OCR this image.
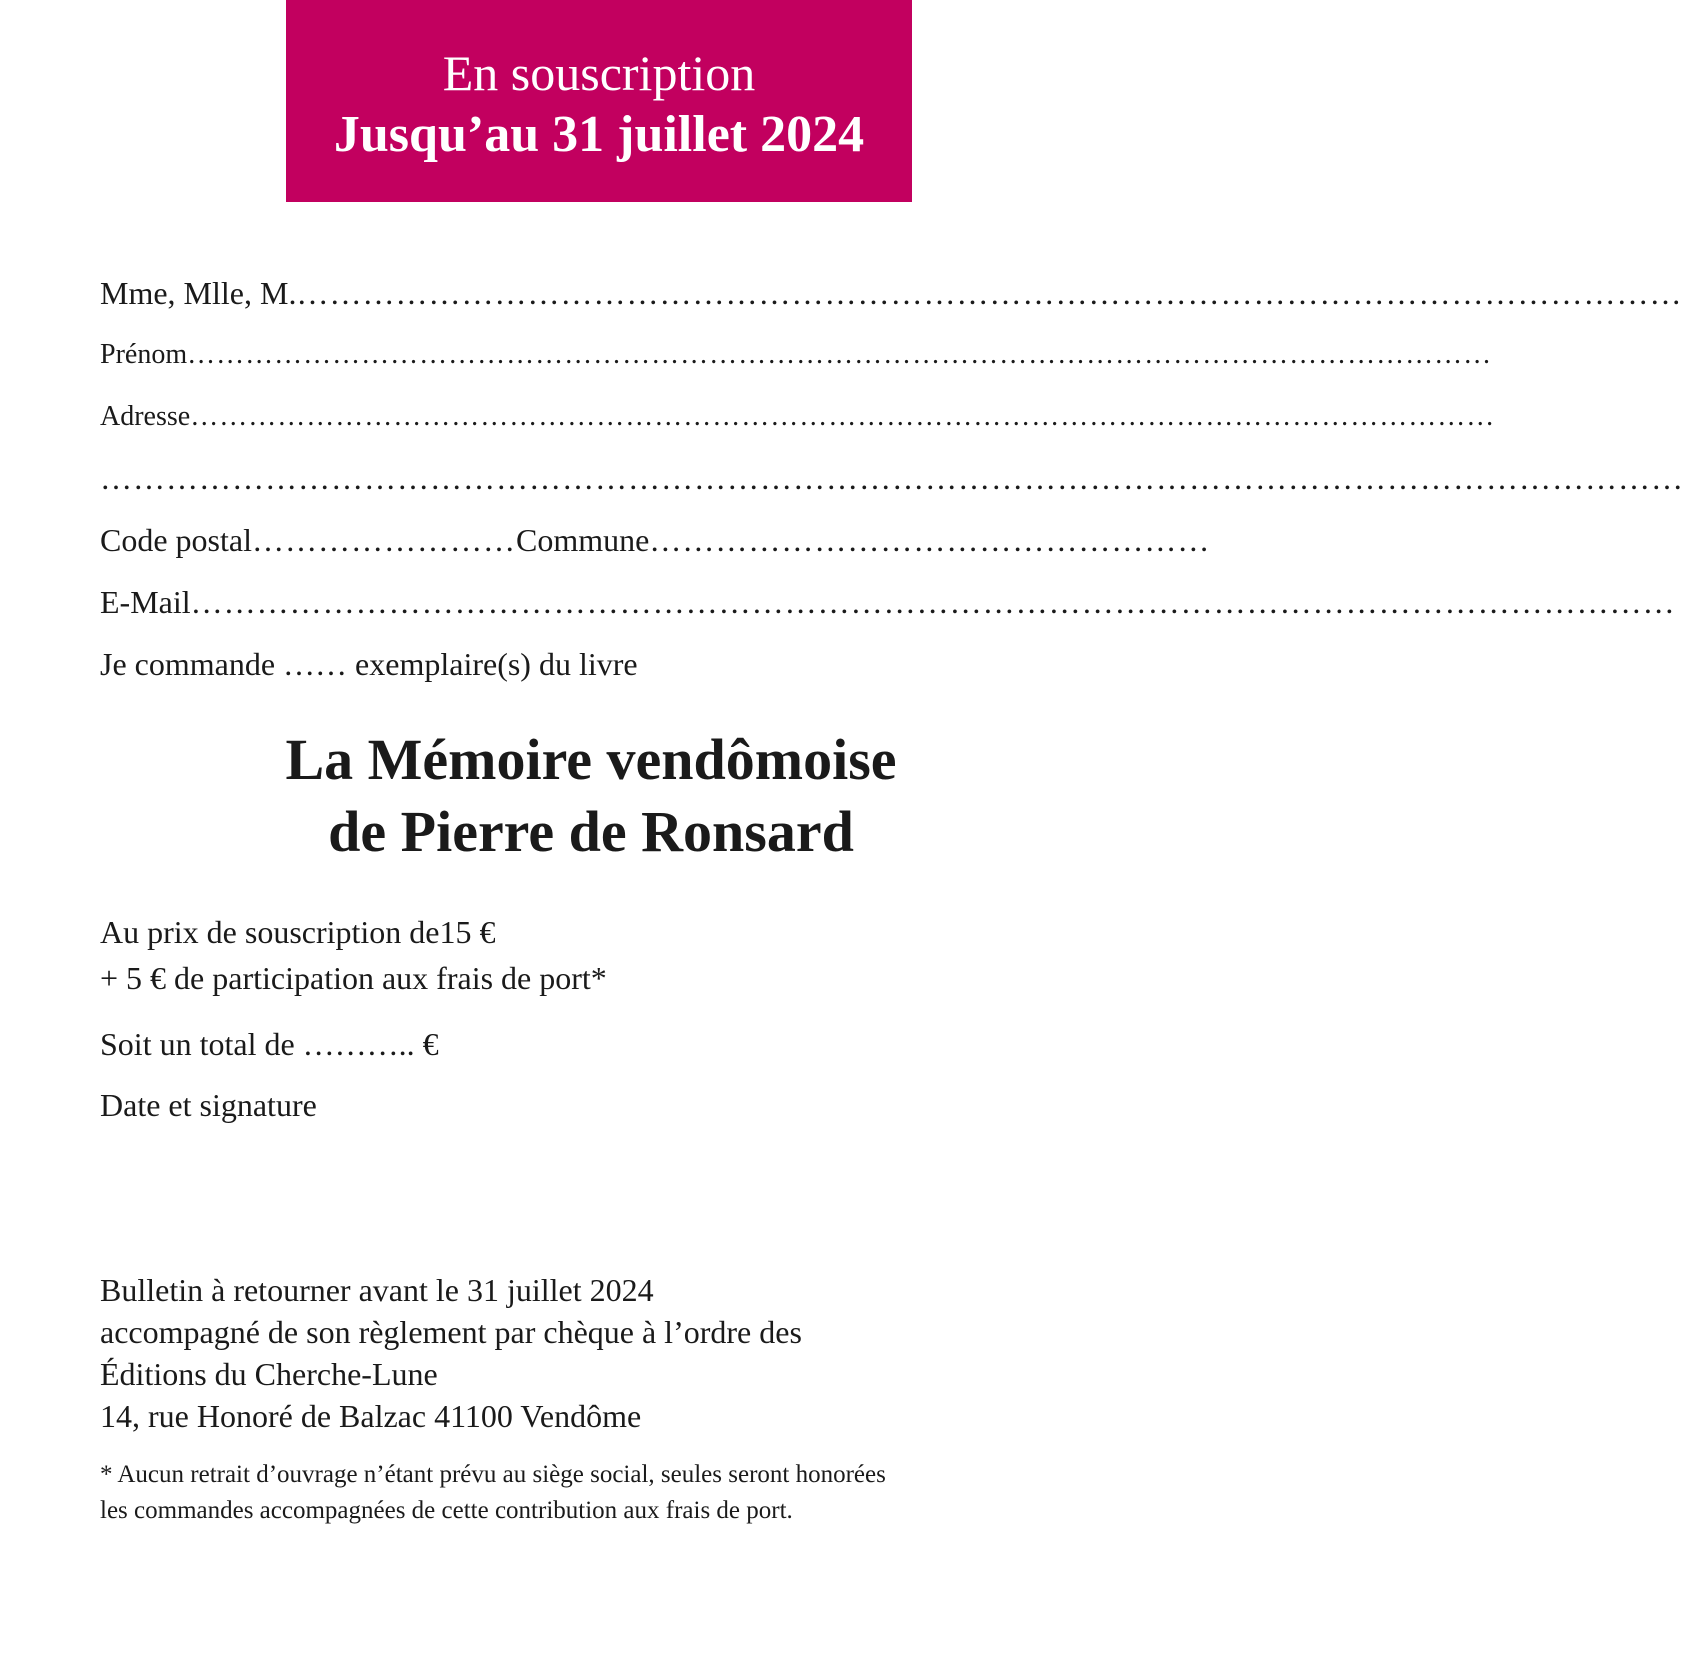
En souscription
Jusqu’au 31 juillet 2024
Mme, Mlle, M. ………………………………………………………………………………………………………………
Prénom ………………………………………………………………………………………………………………………
Adresse ………………………………………………………………………………………………………………………
………………………………………………………………………………………………………………………………
Code postal …………………… Commune ……………………………………………
E-Mail ………………………………………………………………………………………………………………………
Je commande …… exemplaire(s) du livre
La Mémoire vendômoise
de Pierre de Ronsard
Au prix de souscription de15 €
+ 5 € de participation aux frais de port*
Soit un total de ……….. €
Date et signature
Bulletin à retourner avant le 31 juillet 2024
accompagné de son règlement par chèque à l’ordre des
Éditions du Cherche-Lune
14, rue Honoré de Balzac 41100 Vendôme
* Aucun retrait d’ouvrage n’étant prévu au siège social, seules seront honorées
les commandes accompagnées de cette contribution aux frais de port.
